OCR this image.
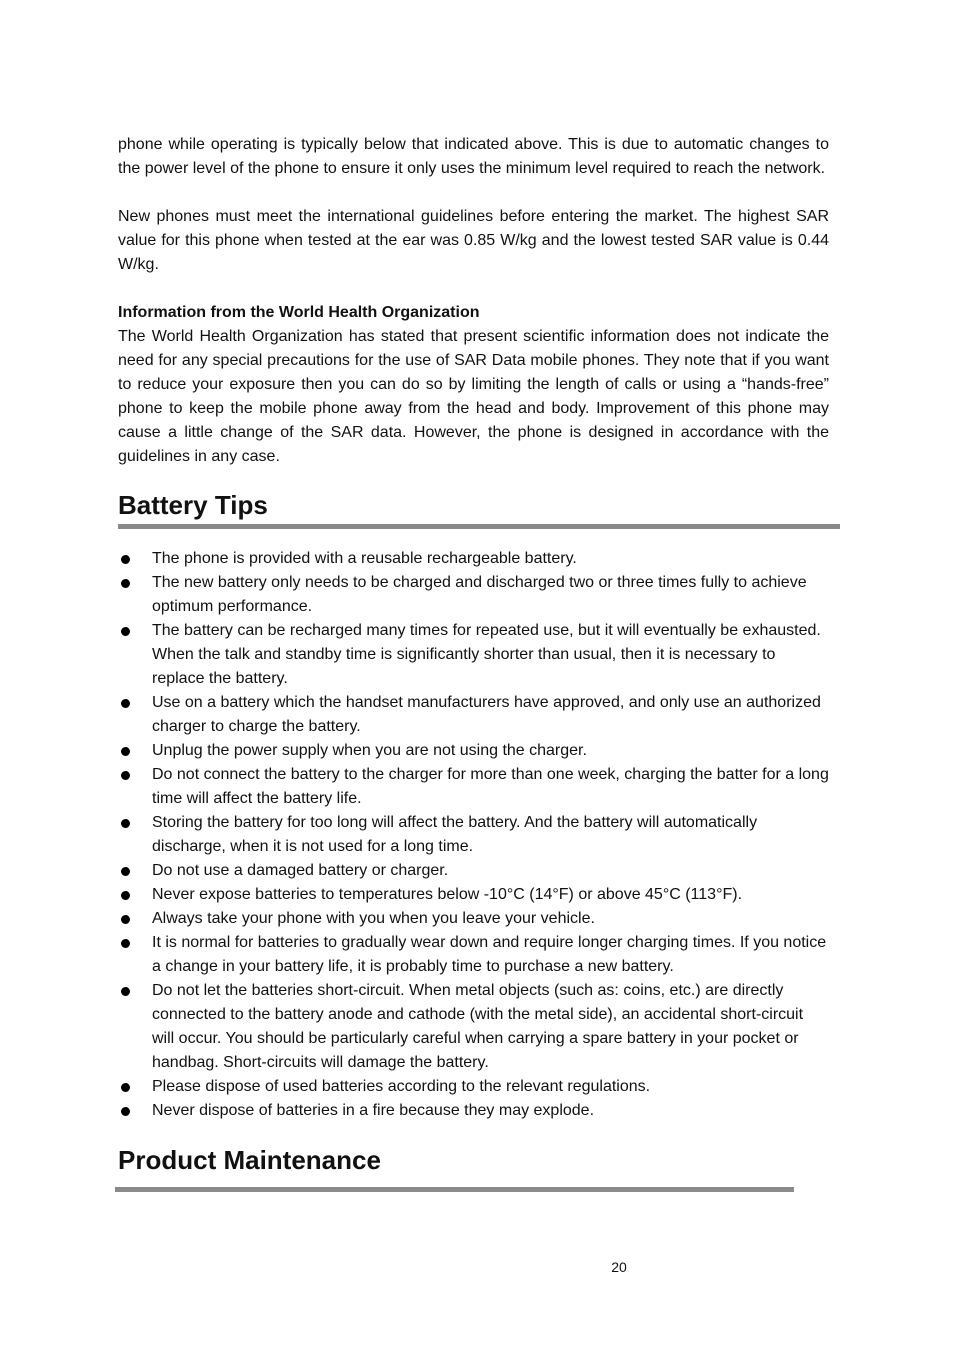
phone while operating is typically below that indicated above. This is due to automatic changes to the power level of the phone to ensure it only uses the minimum level required to reach the network.

New phones must meet the international guidelines before entering the market. The highest SAR value for this phone when tested at the ear was 0.85 W/kg and the lowest tested SAR value is 0.44 W/kg.

Information from the World Health Organization

The World Health Organization has stated that present scientific information does not indicate the need for any special precautions for the use of SAR Data mobile phones. They note that if you want to reduce your exposure then you can do so by limiting the length of calls or using a “hands-free” phone to keep the mobile phone away from the head and body. Improvement of this phone may cause a little change of the SAR data. However, the phone is designed in accordance with the guidelines in any case.

Battery Tips
The phone is provided with a reusable rechargeable battery.
The new battery only needs to be charged and discharged two or three times fully to achieve optimum performance.
The battery can be recharged many times for repeated use, but it will eventually be exhausted. When the talk and standby time is significantly shorter than usual, then it is necessary to replace the battery.
Use on a battery which the handset manufacturers have approved, and only use an authorized charger to charge the battery.
Unplug the power supply when you are not using the charger.
Do not connect the battery to the charger for more than one week, charging the batter for a long time will affect the battery life.
Storing the battery for too long will affect the battery. And the battery will automatically discharge, when it is not used for a long time.
Do not use a damaged battery or charger.
Never expose batteries to temperatures below -10°C (14°F) or above 45°C (113°F).
Always take your phone with you when you leave your vehicle.
It is normal for batteries to gradually wear down and require longer charging times. If you notice a change in your battery life, it is probably time to purchase a new battery.
Do not let the batteries short-circuit. When metal objects (such as: coins, etc.) are directly connected to the battery anode and cathode (with the metal side), an accidental short-circuit will occur. You should be particularly careful when carrying a spare battery in your pocket or handbag. Short-circuits will damage the battery.
Please dispose of used batteries according to the relevant regulations.
Never dispose of batteries in a fire because they may explode.
Product Maintenance
20
